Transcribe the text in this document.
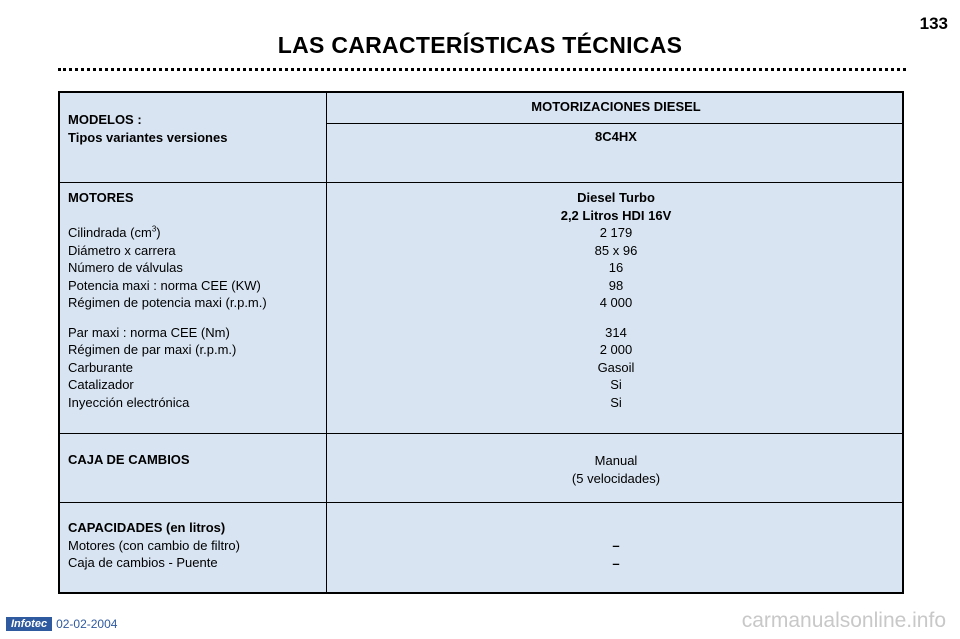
133
LAS CARACTERÍSTICAS TÉCNICAS
MODELOS :
Tipos variantes versiones
MOTORIZACIONES DIESEL
8C4HX
MOTORES

Cilindrada $(cm^3)$
Diámetro x carrera
Número de válvulas
Potencia maxi : norma CEE (KW)
Régimen de potencia maxi (r.p.m.)
Par maxi : norma CEE (Nm)
Régimen de par maxi (r.p.m.)
Carburante
Catalizador
Inyección electrónica
Diesel Turbo
2,2 Litros HDI 16V
2 179
85 x 96
16
98
4 000
314
2 000
Gasoil
Si
Si
CAJA DE CAMBIOS	Manual
(5 velocidades)
CAPACIDADES (en litros)
Motores (con cambio de filtro)
Caja de cambios - Puente
–
–
Infotec 02-02-2004	carmanualsonline.info
